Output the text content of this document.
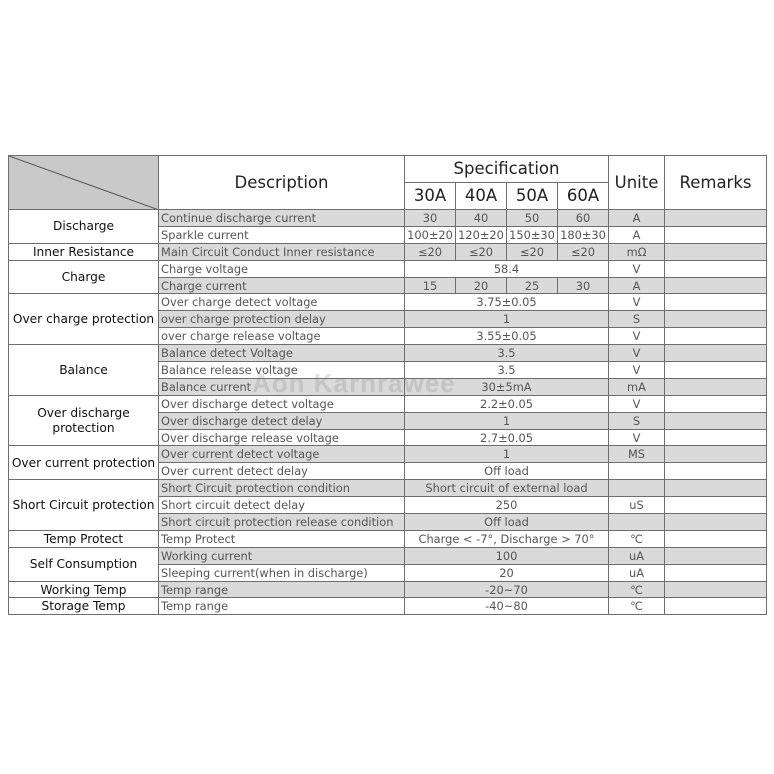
	Description	Specification				Unite	Remarks
		30A	40A	50A	60A		
Discharge	Continue discharge current	30	40	50	60	A	
	Sparkle current	100±20	120±20	150±30	180±30	A	
Inner Resistance	Main Circuit Conduct Inner resistance	≤20	≤20	≤20	≤20	mΩ	
Charge	Charge voltage	58.4				V	
	Charge current	15	20	25	30	A	
Over charge protection	Over charge detect voltage	3.75±0.05				V	
	over charge protection delay	1				S	
	over charge release voltage	3.55±0.05				V	
Balance	Balance detect Voltage	3.5				V	
	Balance release voltage	3.5				V	
	Balance current	30±5mA				mA	
Over discharge protection	Over discharge detect voltage	2.2±0.05				V	
	Over discharge detect delay	1				S	
	Over discharge release voltage	2.7±0.05				V	
Over current protection	Over current detect voltage	1				MS	
	Over current detect delay	Off load					
Short Circuit protection	Short Circuit protection condition	Short circuit of external load					
	Short circuit detect delay	250				uS	
	Short circuit protection release condition	Off load					
Temp Protect	Temp Protect	Charge < -7°, Discharge > 70°				℃	
Self Consumption	Working current	100				uA	
	Sleeping current(when in discharge)	20				uA	
Working Temp	Temp range	-20~70				℃	
Storage Temp	Temp range	-40~80				℃	
Aon Karnrawee
